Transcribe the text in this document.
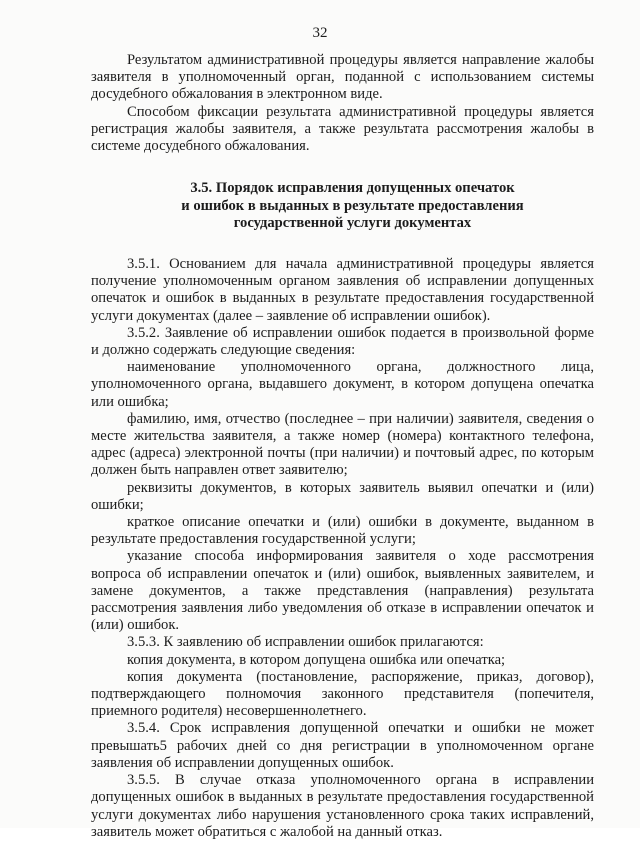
32

Результатом административной процедуры является направление жалобы заявителя в уполномоченный орган, поданной с использованием системы досудебного обжалования в электронном виде.

Способом фиксации результата административной процедуры является регистрация жалобы заявителя, а также результата рассмотрения жалобы в системе досудебного обжалования.

3.5. Порядок исправления допущенных опечаток
и ошибок в выданных в результате предоставления
государственной услуги документах

3.5.1. Основанием для начала административной процедуры является получение уполномоченным органом заявления об исправлении допущенных опечаток и ошибок в выданных в результате предоставления государственной услуги документах (далее – заявление об исправлении ошибок).

3.5.2. Заявление об исправлении ошибок подается в произвольной форме и должно содержать следующие сведения:

наименование уполномоченного органа, должностного лица, уполномоченного органа, выдавшего документ, в котором допущена опечатка или ошибка;

фамилию, имя, отчество (последнее – при наличии) заявителя, сведения о месте жительства заявителя, а также номер (номера) контактного телефона, адрес (адреса) электронной почты (при наличии) и почтовый адрес, по которым должен быть направлен ответ заявителю;

реквизиты документов, в которых заявитель выявил опечатки и (или) ошибки;

краткое описание опечатки и (или) ошибки в документе, выданном в результате предоставления государственной услуги;

указание способа информирования заявителя о ходе рассмотрения вопроса об исправлении опечаток и (или) ошибок, выявленных заявителем, и замене документов, а также представления (направления) результата рассмотрения заявления либо уведомления об отказе в исправлении опечаток и (или) ошибок.

3.5.3. К заявлению об исправлении ошибок прилагаются:

копия документа, в котором допущена ошибка или опечатка;

копия документа (постановление, распоряжение, приказ, договор), подтверждающего полномочия законного представителя (попечителя, приемного родителя) несовершеннолетнего.

3.5.4. Срок исправления допущенной опечатки и ошибки не может превышать5 рабочих дней со дня регистрации в уполномоченном органе заявления об исправлении допущенных ошибок.

3.5.5. В случае отказа уполномоченного органа в исправлении допущенных ошибок в выданных в результате предоставления государственной услуги документах либо нарушения установленного срока таких исправлений, заявитель может обратиться с жалобой на данный отказ.
